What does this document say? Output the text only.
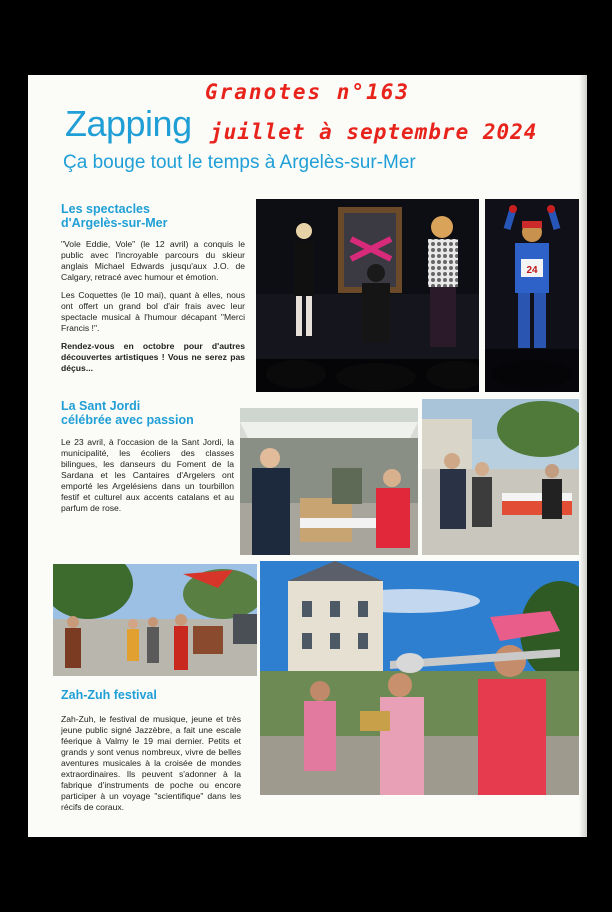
Zapping
Ça bouge tout le temps à Argelès-sur-Mer
Granotes n°163
juillet à septembre 2024
Les spectacles
d'Argelès-sur-Mer

"Vole Eddie, Vole" (le 12 avril) a conquis le public avec l'incroyable parcours du skieur anglais Michael Edwards jusqu'aux J.O. de Calgary, retracé avec humour et émotion.

Les Coquettes (le 10 mai), quant à elles, nous ont offert un grand bol d'air frais avec leur spectacle musical à l'humour décapant "Merci Francis !".

Rendez-vous en octobre pour d'autres découvertes artistiques ! Vous ne serez pas déçus...

24
La Sant Jordi
célébrée avec passion

Le 23 avril, à l'occasion de la Sant Jordi, la municipalité, les écoliers des classes bilingues, les danseurs du Foment de la Sardana et les Cantaires d'Argelers ont emporté les Argelésiens dans un tourbillon festif et culturel aux accents catalans et au parfum de rose.

Zah-Zuh festival

Zah-Zuh, le festival de musique, jeune et très jeune public signé Jazzèbre, a fait une escale féerique à Valmy le 19 mai dernier. Petits et grands y sont venus nombreux, vivre de belles aventures musicales à la croisée de mondes extraordinaires. Ils peuvent s'adonner à la fabrique d'instruments de poche ou encore participer à un voyage "scientifique" dans les récifs de coraux.
